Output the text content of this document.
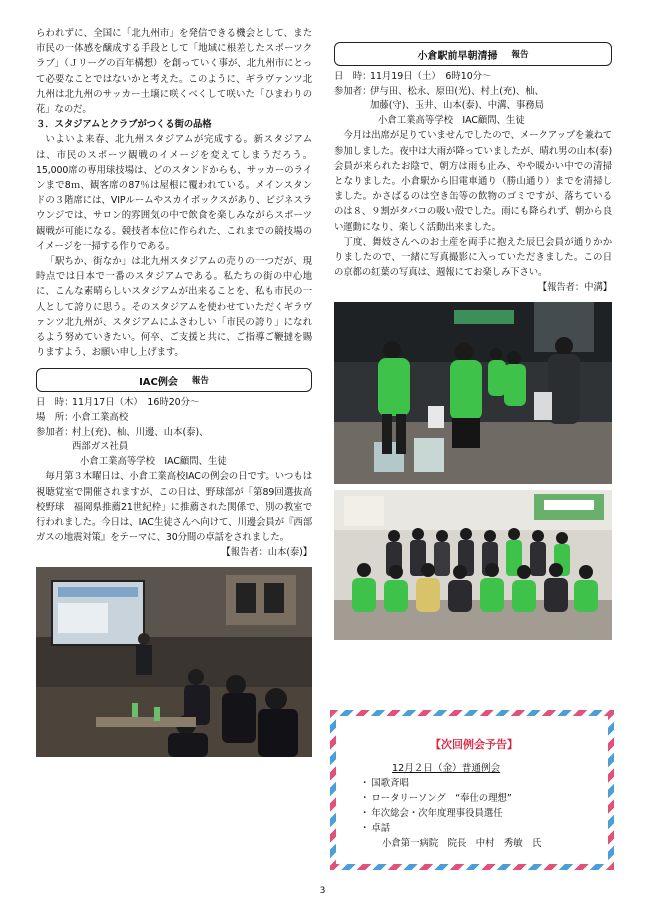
らわれずに、全国に「北九州市」を発信できる機会として、また市民の一体感を醸成する手段として「地域に根差したスポーツクラブ」（Ｊリーグの百年構想）を創っていく事が、北九州市にとって必要なことではないかと考えた。このように、ギラヴァンツ北九州は北九州のサッカー土壌に咲くべくして咲いた「ひまわりの花」なのだ。

３．スタジアムとクラブがつくる街の品格

いよいよ来春、北九州スタジアムが完成する。新スタジアムは、市民のスポーツ観戦のイメージを変えてしまうだろう。15,000席の専用球技場は、どのスタンドからも、サッカーのラインまで8ｍ、観客席の87％は屋根に覆われている。メインスタンドの３階席には、VIPルームやスカイボックスがあり、ビジネスラウンジでは、サロン的雰囲気の中で飲食を楽しみながらスポーツ観戦が可能になる。競技者本位に作られた、これまでの競技場のイメージを一掃する作りである。

「駅ちか、街なか」は北九州スタジアムの売りの一つだが、現時点では日本で一番のスタジアムである。私たちの街の中心地に、こんな素晴らしいスタジアムが出来ることを、私も市民の一人として誇りに思う。そのスタジアムを使わせていただくギラヴァンツ北九州が、スタジアムにふさわしい「市民の誇り」になれるよう努めていきたい。何卒、ご支援と共に、ご指導ご鞭撻を賜りますよう、お願い申し上げます。

IAC例会 報告
日　時：
11月17日（木）　16時20分～
場　所：
小倉工業高校
参加者：
村上(充)、杣、川邊、山本(泰)、
西部ガス社員
小倉工業高等学校　IAC顧問、生徒

毎月第３木曜日は、小倉工業高校IACの例会の日です。いつもは視聴覚室で開催されますが、この日は、野球部が「第89回選抜高校野球　福岡県推薦21世紀枠」に推薦された関係で、別の教室で行われました。今日は、IAC生徒さんへ向けて、川邊会員が『西部ガスの地震対策』をテーマに、30分間の卓話をされました。

【報告者：山本(泰)】

小倉駅前早朝清掃 報告
日　時：
11月19日（土）　6時10分～
参加者：
伊与田、松永、原田(光)、村上(充)、杣、
加藤(守)、玉井、山本(泰)、中溝、事務局
小倉工業高等学校　IAC顧問、生徒

今月は出席が足りていませんでしたので、メークアップを兼ねて参加しました。夜中は大雨が降っていましたが、晴れ男の山本(泰)会員が来られたお陰で、朝方は雨も止み、やや暖かい中での清掃となりました。小倉駅から旧電車通り（勝山通り）までを清掃しました。かさばるのは空き缶等の飲物のゴミですが、落ちているのは８、９割がタバコの吸い殻でした。雨にも降られず、朝から良い運動になり、楽しく活動出来ました。

丁度、舞妓さんへのお土産を両手に抱えた辰巳会員が通りかかりましたので、一緒に写真撮影に入っていただきました。この日の京都の紅葉の写真は、週報にてお楽しみ下さい。

【報告者：中溝】

【次回例会予告】
12月２日（金）普通例会
・ 国歌斉唱
・ ロータリーソング　“奉仕の理想”
・ 年次総会・次年度理事役員選任
・ 卓話
小倉第一病院　院長　中村　秀敏　氏
3
